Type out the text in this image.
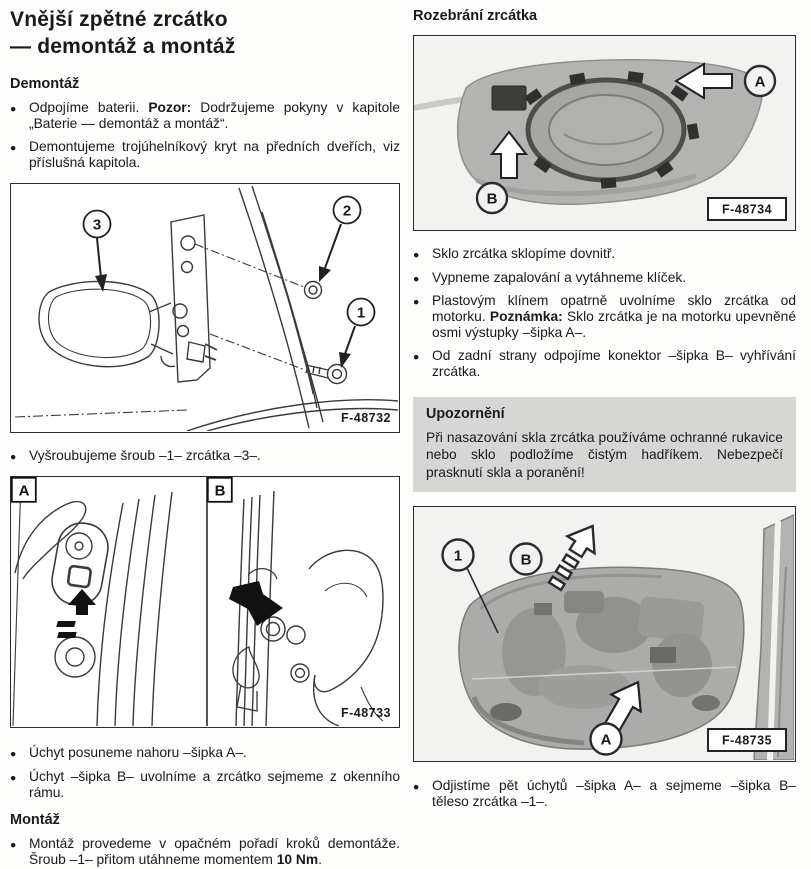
Vnější zpětné zrcátko
— demontáž a montáž
Demontáž
● Odpojíme baterii. Pozor: Dodržujeme pokyny v kapitole „Baterie — demontáž a montáž“.
● Demontujeme trojúhelníkový kryt na předních dveřích, viz příslušná kapitola.
3
2
1
F-48732
● Vyšroubujeme šroub –1– zrcátka –3–.
A	B
F-48733
● Úchyt posuneme nahoru –šipka A–.
● Úchyt –šipka B– uvolníme a zrcátko sejmeme z okenního rámu.
Montáž
● Montáž provedeme v opačném pořadí kroků demontáže. Šroub –1– přitom utáhneme momentem 10 Nm.
Rozebrání zrcátka
A
B
F-48734
● Sklo zrcátka sklopíme dovnitř.
● Vypneme zapalování a vytáhneme klíček.
● Plastovým klínem opatrně uvolníme sklo zrcátka od motorku. Poznámka: Sklo zrcátka je na motorku upevněné osmi výstupky –šipka A–.
● Od zadní strany odpojíme konektor –šipka B– vyhřívání zrcátka.
Upozornění

Při nasazování skla zrcátka používáme ochranné rukavice nebo sklo podložíme čistým hadříkem. Nebezpečí prasknutí skla a poranění!

1	B
A	F-48735
● Odjistíme pět úchytů –šipka A– a sejmeme –šipka B– těleso zrcátka –1–.
